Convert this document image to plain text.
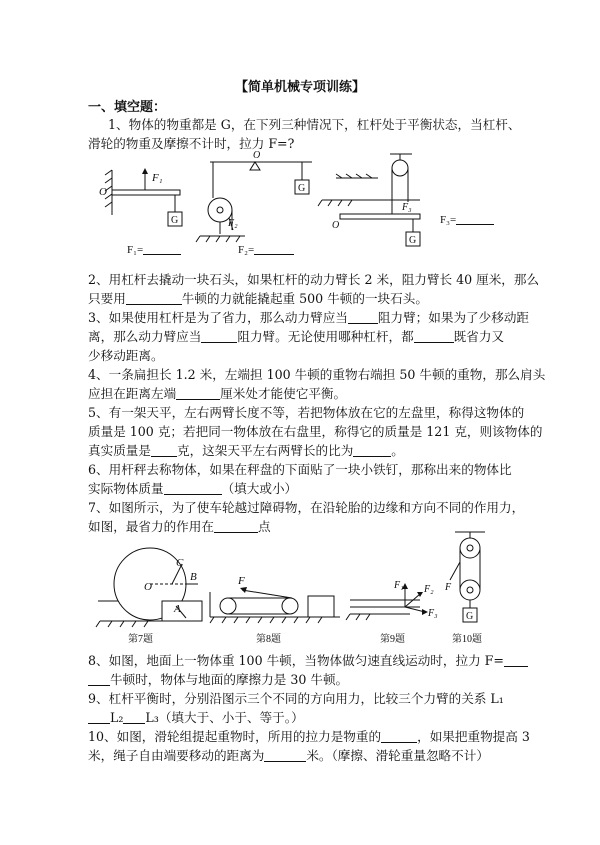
【简单机械专项训练】
一、填空题：
1、物体的物重都是 G，在下列三种情况下，杠杆处于平衡状态，当杠杆、
滑轮的物重及摩擦不计时，拉力 F=?
F₁
G
O
O
G
F₂	O
F₃
G
F₁=	F₂=
F₃=
2、用杠杆去撬动一块石头，如果杠杆的动力臂长 2 米，阻力臂长 40 厘米，那么
只要用	牛顿的力就能撬起重 500 牛顿的一块石头。
3、如果使用杠杆是为了省力，那么动力臂应当 阻力臂；如果为了少移动距
离，那么动力臂应当	阻力臂。无论使用哪种杠杆，都	既省力又
少移动距离。
4、一条扁担长 1.2 米，左端担 100 牛顿的重物右端担 50 牛顿的重物，那么肩头
应担在距离左端	厘米处才能使它平衡。
5、有一架天平，左右两臂长度不等，若把物体放在它的左盘里，称得这物体的
质量是 100 克；若把同一物体放在右盘里，称得它的质量是 121 克，则该物体的
真实质量是 克，这架天平左右两臂长的比为	。
6、用杆秤去称物体，如果在秤盘的下面贴了一块小铁钉，那称出来的物体比
实际物体质量	（填大或小）
7、如图所示，为了使车轮越过障碍物，在沿轮胎的边缘和方向不同的作用力，
如图，最省力的作用在	点
O
C
B
A
第7题
F
第8题
F₁ F₂
F₃
第9题
G
F
第10题
8、如图，地面上一物体重 100 牛顿，当物体做匀速直线运动时，拉力 F=
牛顿时，物体与地面的摩擦力是 30 牛顿。
9、杠杆平衡时，分别沿图示三个不同的方向用力，比较三个力臂的关系 L₁
L₂ L₃（填大于、小于、等于。）
10、如图，滑轮组提起重物时，所用的拉力是物重的	，如果把重物提高 3
米，绳子自由端要移动的距离为	米。（摩擦、滑轮重量忽略不计）
